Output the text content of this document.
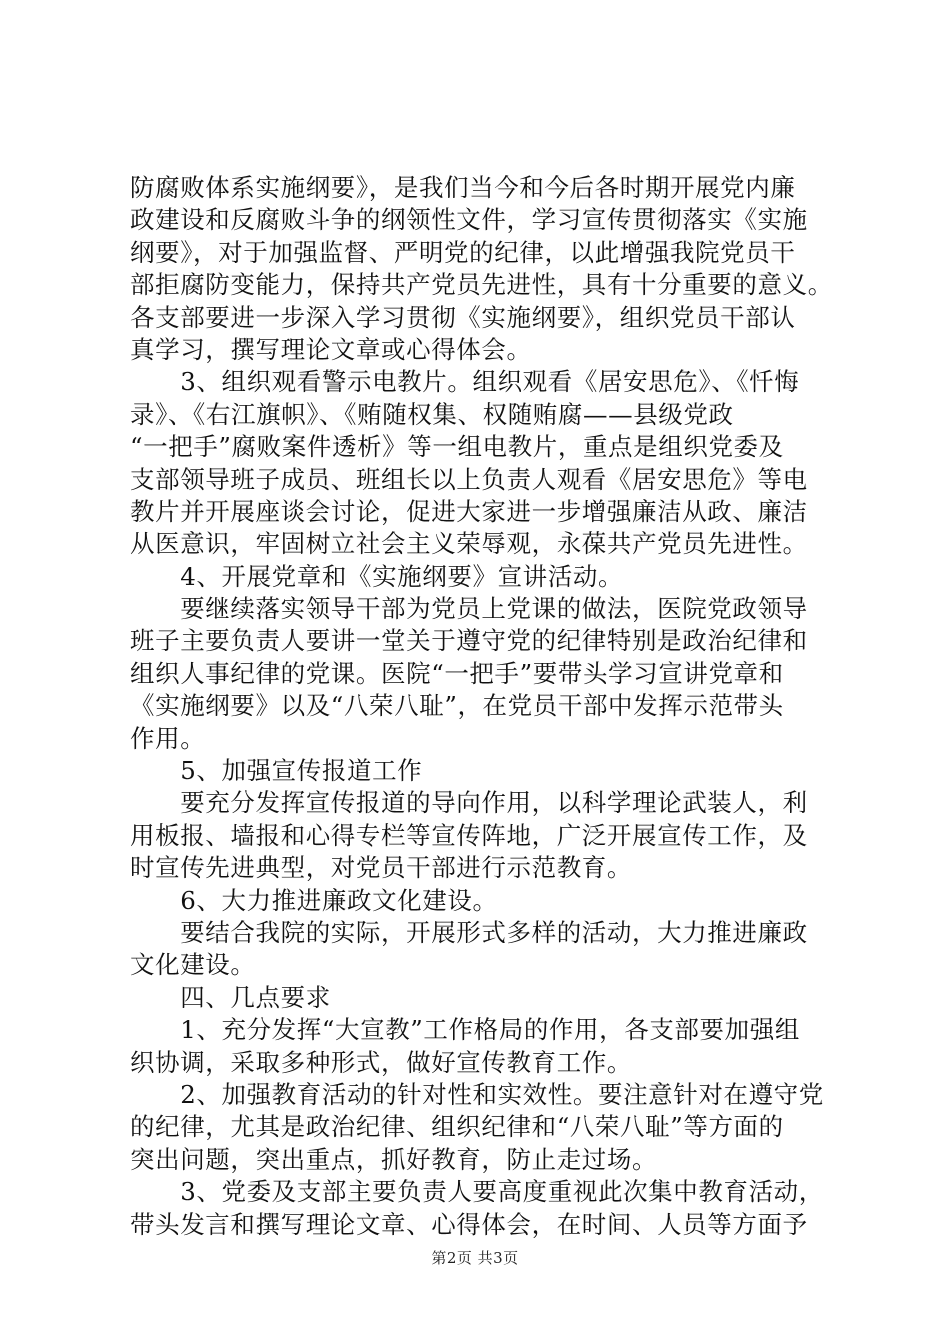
防腐败体系实施纲要》，是我们当今和今后各时期开展党内廉
政建设和反腐败斗争的纲领性文件，学习宣传贯彻落实《实施
纲要》，对于加强监督、严明党的纪律，以此增强我院党员干
部拒腐防变能力，保持共产党员先进性，具有十分重要的意义。
各支部要进一步深入学习贯彻《实施纲要》，组织党员干部认
真学习，撰写理论文章或心得体会。
　　3、组织观看警示电教片。组织观看《居安思危》、《忏悔
录》、《右江旗帜》、《贿随权集、权随贿腐——县级党政
“一把手”腐败案件透析》等一组电教片，重点是组织党委及
支部领导班子成员、班组长以上负责人观看《居安思危》等电
教片并开展座谈会讨论，促进大家进一步增强廉洁从政、廉洁
从医意识，牢固树立社会主义荣辱观，永葆共产党员先进性。
　　4、开展党章和《实施纲要》宣讲活动。
　　要继续落实领导干部为党员上党课的做法，医院党政领导
班子主要负责人要讲一堂关于遵守党的纪律特别是政治纪律和
组织人事纪律的党课。医院“一把手”要带头学习宣讲党章和
《实施纲要》以及“八荣八耻”，在党员干部中发挥示范带头
作用。
　　5、加强宣传报道工作
　　要充分发挥宣传报道的导向作用，以科学理论武装人，利
用板报、墙报和心得专栏等宣传阵地，广泛开展宣传工作，及
时宣传先进典型，对党员干部进行示范教育。
　　6、大力推进廉政文化建设。
　　要结合我院的实际，开展形式多样的活动，大力推进廉政
文化建设。
　　四、几点要求
　　1、充分发挥“大宣教”工作格局的作用，各支部要加强组
织协调，采取多种形式，做好宣传教育工作。
　　2、加强教育活动的针对性和实效性。要注意针对在遵守党
的纪律，尤其是政治纪律、组织纪律和“八荣八耻”等方面的
突出问题，突出重点，抓好教育，防止走过场。
　　3、党委及支部主要负责人要高度重视此次集中教育活动，
带头发言和撰写理论文章、心得体会，在时间、人员等方面予
第2页 共3页
